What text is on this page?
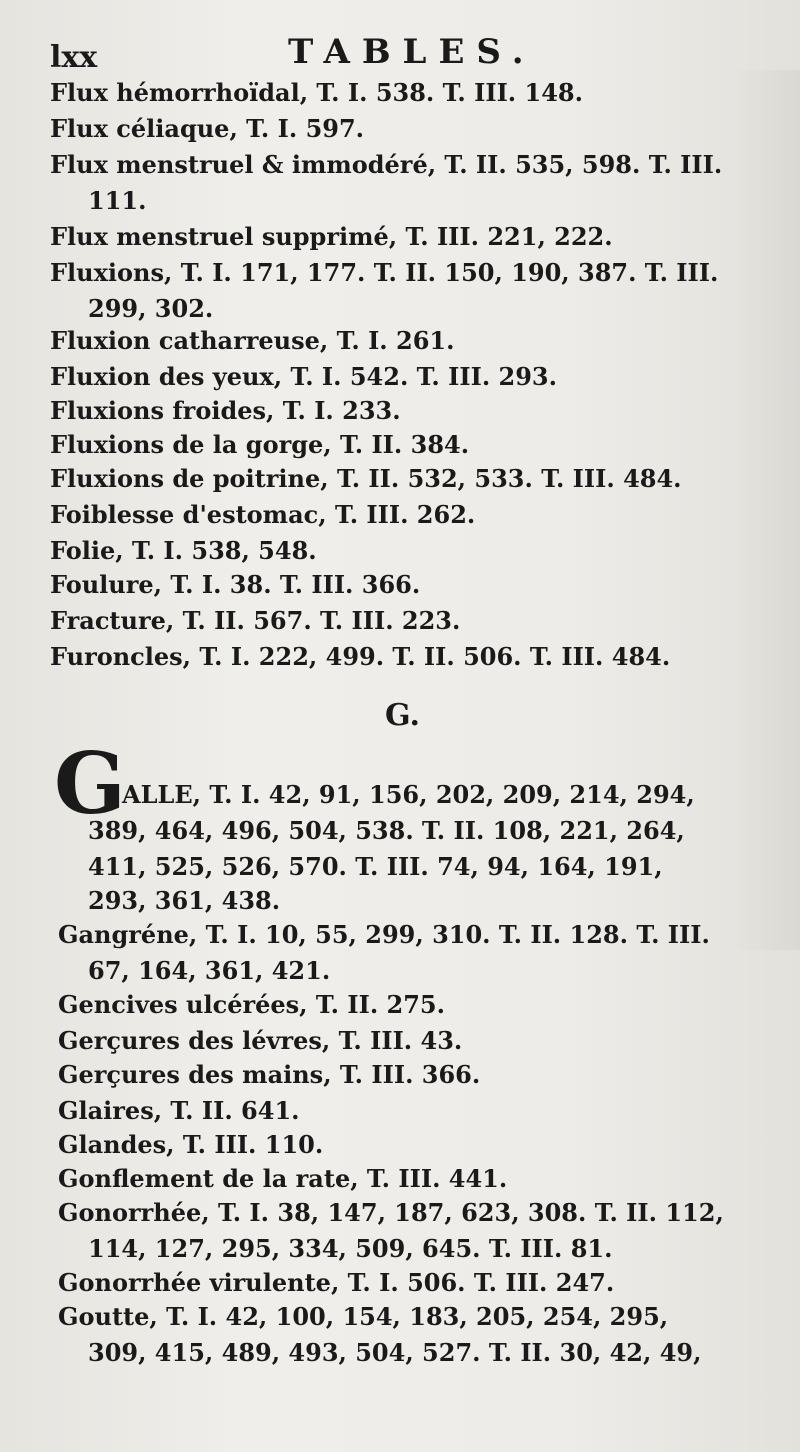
lxx	TABLES.
Flux hémorrhoïdal, T. I. 538. T. III. 148.
Flux céliaque, T. I. 597.
Flux menstruel & immodéré, T. II. 535, 598. T. III.
111.
Flux menstruel supprimé, T. III. 221, 222.
Fluxions, T. I. 171, 177. T. II. 150, 190, 387. T. III.
299, 302.
Fluxion catharreuse, T. I. 261.
Fluxion des yeux, T. I. 542. T. III. 293.
Fluxions froides, T. I. 233.
Fluxions de la gorge, T. II. 384.
Fluxions de poitrine, T. II. 532, 533. T. III. 484.
Foiblesse d'estomac, T. III. 262.
Folie, T. I. 538, 548.
Foulure, T. I. 38. T. III. 366.
Fracture, T. II. 567. T. III. 223.
Furoncles, T. I. 222, 499. T. II. 506. T. III. 484.
G.
G
ALLE, T. I. 42, 91, 156, 202, 209, 214, 294,
389, 464, 496, 504, 538. T. II. 108, 221, 264,
411, 525, 526, 570. T. III. 74, 94, 164, 191,
293, 361, 438.
Gangréne, T. I. 10, 55, 299, 310. T. II. 128. T. III.
67, 164, 361, 421.
Gencives ulcérées, T. II. 275.
Gerçures des lévres, T. III. 43.
Gerçures des mains, T. III. 366.
Glaires, T. II. 641.
Glandes, T. III. 110.
Gonflement de la rate, T. III. 441.
Gonorrhée, T. I. 38, 147, 187, 623, 308. T. II. 112,
114, 127, 295, 334, 509, 645. T. III. 81.
Gonorrhée virulente, T. I. 506. T. III. 247.
Goutte, T. I. 42, 100, 154, 183, 205, 254, 295,
309, 415, 489, 493, 504, 527. T. II. 30, 42, 49,
